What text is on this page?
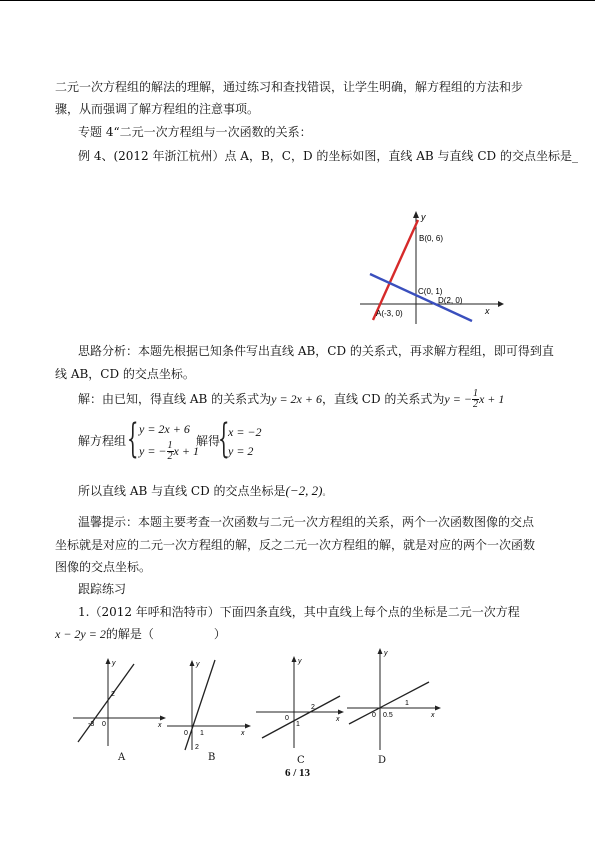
二元一次方程组的解法的理解，通过练习和查找错误，让学生明确，解方程组的方法和步
骤，从而强调了解方程组的注意事项。
专题 4“二元一次方程组与一次函数的关系：
例 4、(2012 年浙江杭州）点 A，B，C，D 的坐标如图，直线 AB 与直线 CD 的交点坐标是_
x
y
B(0, 6)
C(0, 1)
D(2, 0)
A(-3, 0)
思路分析：本题先根据已知条件写出直线 AB，CD 的关系式，再求解方程组，即可得到直
线 AB，CD 的交点坐标。
解：由已知，得直线 AB 的关系式为y = 2x + 6，直线 CD 的关系式为y = − $\frac{1}{2}$ x + 1
解方程组 { y = 2x + 6
y = − $\frac{1}{2}$ x + 1
解得
{
x = −2
y = 2
所以直线 AB 与直线 CD 的交点坐标是(−2, 2)。
温馨提示：本题主要考查一次函数与二元一次方程组的关系，两个一次函数图像的交点
坐标就是对应的二元一次方程组的解，反之二元一次方程组的解，就是对应的两个一次函数
图像的交点坐标。
跟踪练习
1.（2012 年呼和浩特市）下面四条直线，其中直线上每个点的坐标是二元一次方程
x − 2y = 2的解是（　　　　　）
y
x
2
-3 0
A
y
x
0 1
2
B
y
x
0
2
1
C
y
x
0.5
1
0
D
6 / 13
